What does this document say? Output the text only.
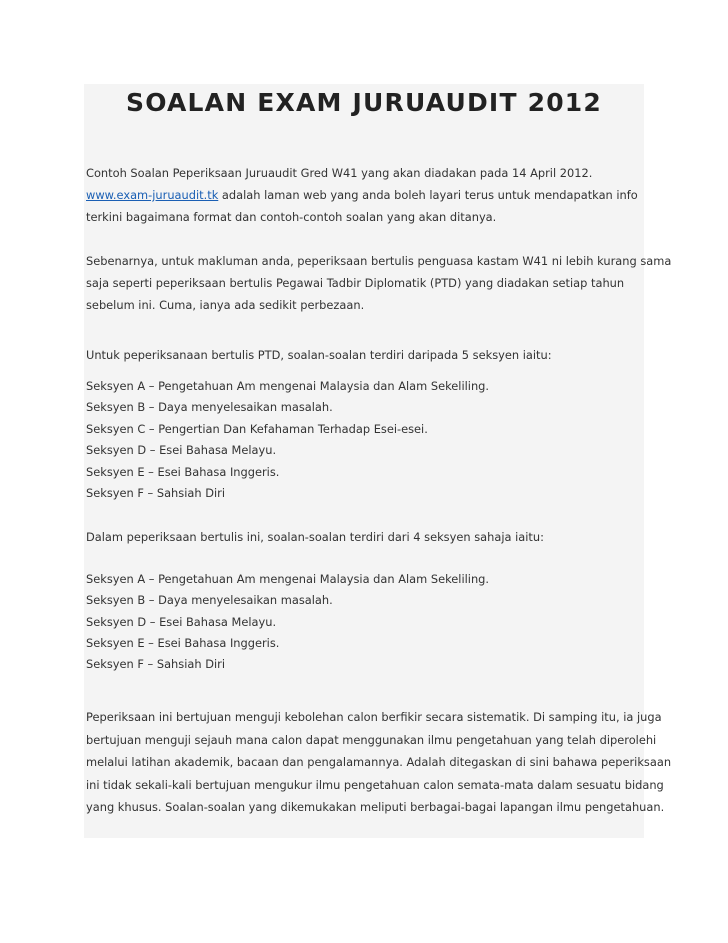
SOALAN EXAM JURUAUDIT 2012

Contoh Soalan Peperiksaan Juruaudit Gred W41 yang akan diadakan pada 14 April 2012.

www.exam-juruaudit.tk adalah laman web yang anda boleh layari terus untuk mendapatkan info

terkini bagaimana format dan contoh-contoh soalan yang akan ditanya.

Sebenarnya, untuk makluman anda, peperiksaan bertulis penguasa kastam W41 ni lebih kurang sama

saja seperti peperiksaan bertulis Pegawai Tadbir Diplomatik (PTD) yang diadakan setiap tahun

sebelum ini. Cuma, ianya ada sedikit perbezaan.

Untuk peperiksanaan bertulis PTD, soalan-soalan terdiri daripada 5 seksyen iaitu:

Seksyen A – Pengetahuan Am mengenai Malaysia dan Alam Sekeliling.

Seksyen B – Daya menyelesaikan masalah.

Seksyen C – Pengertian Dan Kefahaman Terhadap Esei-esei.

Seksyen D – Esei Bahasa Melayu.

Seksyen E – Esei Bahasa Inggeris.

Seksyen F – Sahsiah Diri

Dalam peperiksaan bertulis ini, soalan-soalan terdiri dari 4 seksyen sahaja iaitu:

Seksyen A – Pengetahuan Am mengenai Malaysia dan Alam Sekeliling.

Seksyen B – Daya menyelesaikan masalah.

Seksyen D – Esei Bahasa Melayu.

Seksyen E – Esei Bahasa Inggeris.

Seksyen F – Sahsiah Diri

Peperiksaan ini bertujuan menguji kebolehan calon berfikir secara sistematik. Di samping itu, ia juga

bertujuan menguji sejauh mana calon dapat menggunakan ilmu pengetahuan yang telah diperolehi

melalui latihan akademik, bacaan dan pengalamannya. Adalah ditegaskan di sini bahawa peperiksaan

ini tidak sekali-kali bertujuan mengukur ilmu pengetahuan calon semata-mata dalam sesuatu bidang

yang khusus. Soalan-soalan yang dikemukakan meliputi berbagai-bagai lapangan ilmu pengetahuan.
